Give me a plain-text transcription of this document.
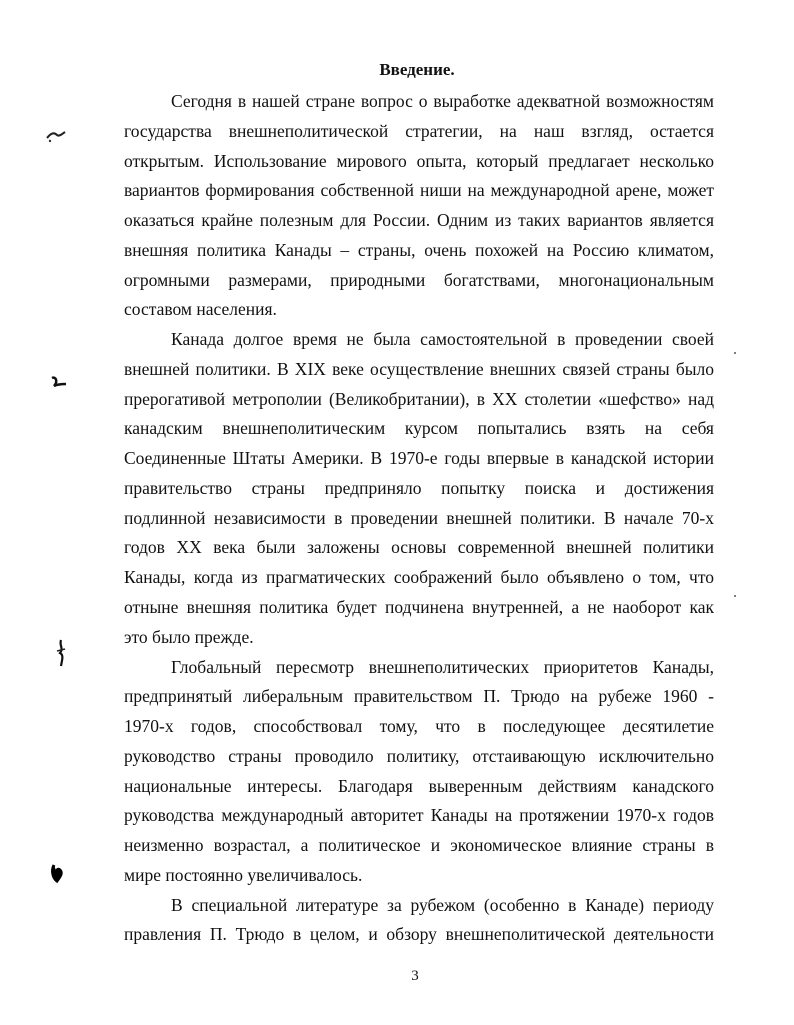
Введение.
Сегодня в нашей стране вопрос о выработке адекватной возможностям
государства внешнеполитической стратегии, на наш взгляд, остается
открытым. Использование мирового опыта, который предлагает несколько
вариантов формирования собственной ниши на международной арене, может
оказаться крайне полезным для России. Одним из таких вариантов является
внешняя политика Канады – страны, очень похожей на Россию климатом,
огромными размерами, природными богатствами, многонациональным
составом населения.
Канада долгое время не была самостоятельной в проведении своей
внешней политики. В XIX веке осуществление внешних связей страны было
прерогативой метрополии (Великобритании), в XX столетии «шефство» над
канадским внешнеполитическим курсом попытались взять на себя
Соединенные Штаты Америки. В 1970-е годы впервые в канадской истории
правительство страны предприняло попытку поиска и достижения
подлинной независимости в проведении внешней политики. В начале 70-х
годов XX века были заложены основы современной внешней политики
Канады, когда из прагматических соображений было объявлено о том, что
отныне внешняя политика будет подчинена внутренней, а не наоборот как
это было прежде.
Глобальный пересмотр внешнеполитических приоритетов Канады,
предпринятый либеральным правительством П. Трюдо на рубеже 1960 -
1970-х годов, способствовал тому, что в последующее десятилетие
руководство страны проводило политику, отстаивающую исключительно
национальные интересы. Благодаря выверенным действиям канадского
руководства международный авторитет Канады на протяжении 1970-х годов
неизменно возрастал, а политическое и экономическое влияние страны в
мире постоянно увеличивалось.
В специальной литературе за рубежом (особенно в Канаде) периоду
правления П. Трюдо в целом, и обзору внешнеполитической деятельности
3
